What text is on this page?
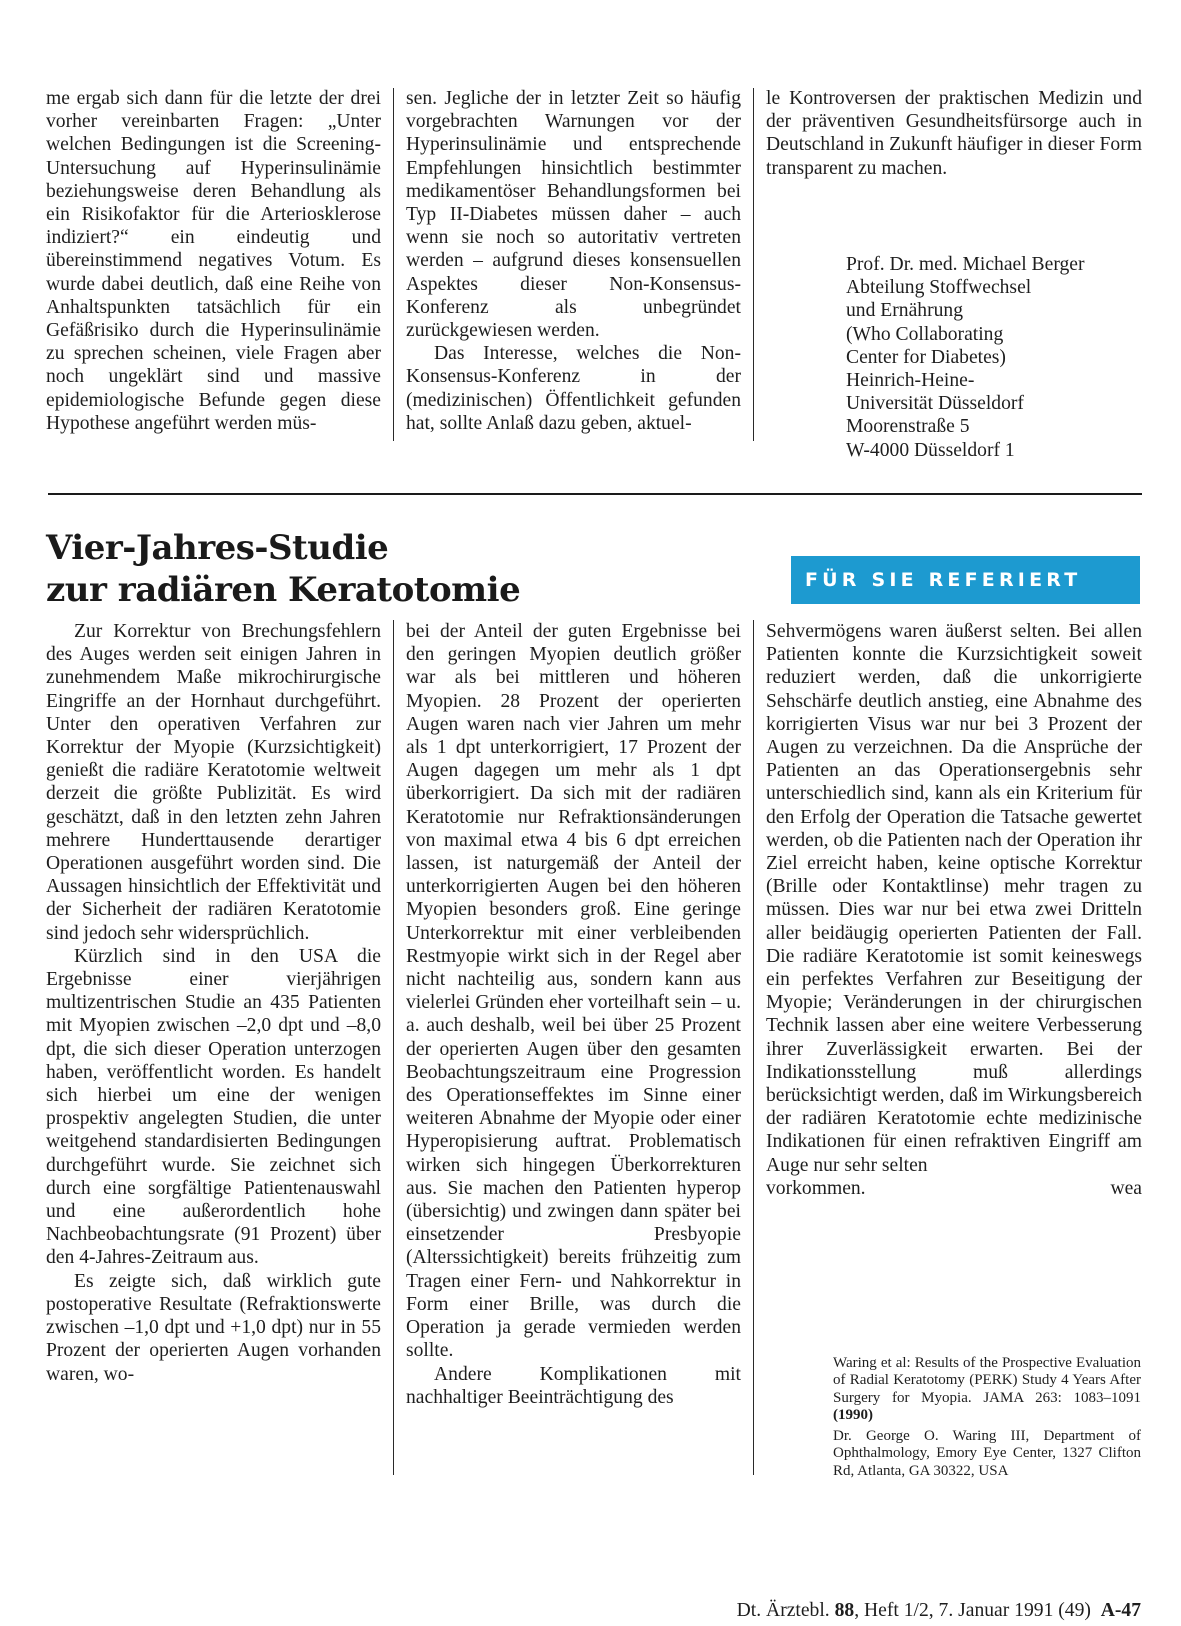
me ergab sich dann für die letzte der drei vorher vereinbarten Fragen: „Unter welchen Bedingungen ist die Screening-Untersuchung auf Hyperinsulinämie beziehungsweise deren Behandlung als ein Risikofaktor für die Arteriosklerose indiziert?“ ein eindeutig und übereinstimmend negatives Votum. Es wurde dabei deutlich, daß eine Reihe von Anhaltspunkten tatsächlich für ein Gefäßrisiko durch die Hyperinsulinämie zu sprechen scheinen, viele Fragen aber noch ungeklärt sind und massive epidemiologische Befunde gegen diese Hypothese angeführt werden müs-

sen. Jegliche der in letzter Zeit so häufig vorgebrachten Warnungen vor der Hyperinsulinämie und entsprechende Empfehlungen hinsichtlich bestimmter medikamentöser Behandlungsformen bei Typ II-Diabetes müssen daher – auch wenn sie noch so autoritativ vertreten werden – aufgrund dieses konsensuellen Aspektes dieser Non-Konsensus-Konferenz als unbegründet zurückgewiesen werden.

Das Interesse, welches die Non-Konsensus-Konferenz in der (medizinischen) Öffentlichkeit gefunden hat, sollte Anlaß dazu geben, aktuel-

le Kontroversen der praktischen Medizin und der präventiven Gesundheitsfürsorge auch in Deutschland in Zukunft häufiger in dieser Form transparent zu machen.

Prof. Dr. med. Michael Berger
Abteilung Stoffwechsel
und Ernährung
(Who Collaborating
Center for Diabetes)
Heinrich-Heine-
Universität Düsseldorf
Moorenstraße 5
W-4000 Düsseldorf 1
Vier-Jahres-Studie
zur radiären Keratotomie	FÜR SIE REFERIERT

Zur Korrektur von Brechungsfehlern des Auges werden seit einigen Jahren in zunehmendem Maße mikrochirurgische Eingriffe an der Hornhaut durchgeführt. Unter den operativen Verfahren zur Korrektur der Myopie (Kurzsichtigkeit) genießt die radiäre Keratotomie weltweit derzeit die größte Publizität. Es wird geschätzt, daß in den letzten zehn Jahren mehrere Hunderttausende derartiger Operationen ausgeführt worden sind. Die Aussagen hinsichtlich der Effektivität und der Sicherheit der radiären Keratotomie sind jedoch sehr widersprüchlich.

Kürzlich sind in den USA die Ergebnisse einer vierjährigen multizentrischen Studie an 435 Patienten mit Myopien zwischen –2,0 dpt und –8,0 dpt, die sich dieser Operation unterzogen haben, veröffentlicht worden. Es handelt sich hierbei um eine der wenigen prospektiv angelegten Studien, die unter weitgehend standardisierten Bedingungen durchgeführt wurde. Sie zeichnet sich durch eine sorgfältige Patientenauswahl und eine außerordentlich hohe Nachbeobachtungsrate (91 Prozent) über den 4-Jahres-Zeitraum aus.

Es zeigte sich, daß wirklich gute postoperative Resultate (Refraktionswerte zwischen –1,0 dpt und +1,0 dpt) nur in 55 Prozent der operierten Augen vorhanden waren, wo-

bei der Anteil der guten Ergebnisse bei den geringen Myopien deutlich größer war als bei mittleren und höheren Myopien. 28 Prozent der operierten Augen waren nach vier Jahren um mehr als 1 dpt unterkorrigiert, 17 Prozent der Augen dagegen um mehr als 1 dpt überkorrigiert. Da sich mit der radiären Keratotomie nur Refraktionsänderungen von maximal etwa 4 bis 6 dpt erreichen lassen, ist naturgemäß der Anteil der unterkorrigierten Augen bei den höheren Myopien besonders groß. Eine geringe Unterkorrektur mit einer verbleibenden Restmyopie wirkt sich in der Regel aber nicht nachteilig aus, sondern kann aus vielerlei Gründen eher vorteilhaft sein – u. a. auch deshalb, weil bei über 25 Prozent der operierten Augen über den gesamten Beobachtungszeitraum eine Progression des Operationseffektes im Sinne einer weiteren Abnahme der Myopie oder einer Hyperopisierung auftrat. Problematisch wirken sich hingegen Überkorrekturen aus. Sie machen den Patienten hyperop (übersichtig) und zwingen dann später bei einsetzender Presbyopie (Alterssichtigkeit) bereits frühzeitig zum Tragen einer Fern- und Nahkorrektur in Form einer Brille, was durch die Operation ja gerade vermieden werden sollte.

Andere Komplikationen mit nachhaltiger Beeinträchtigung des

Sehvermögens waren äußerst selten. Bei allen Patienten konnte die Kurzsichtigkeit soweit reduziert werden, daß die unkorrigierte Sehschärfe deutlich anstieg, eine Abnahme des korrigierten Visus war nur bei 3 Prozent der Augen zu verzeichnen. Da die Ansprüche der Patienten an das Operationsergebnis sehr unterschiedlich sind, kann als ein Kriterium für den Erfolg der Operation die Tatsache gewertet werden, ob die Patienten nach der Operation ihr Ziel erreicht haben, keine optische Korrektur (Brille oder Kontaktlinse) mehr tragen zu müssen. Dies war nur bei etwa zwei Dritteln aller beidäugig operierten Patienten der Fall. Die radiäre Keratotomie ist somit keineswegs ein perfektes Verfahren zur Beseitigung der Myopie; Veränderungen in der chirurgischen Technik lassen aber eine weitere Verbesserung ihrer Zuverlässigkeit erwarten. Bei der Indikationsstellung muß allerdings berücksichtigt werden, daß im Wirkungsbereich der radiären Keratotomie echte medizinische Indikationen für einen refraktiven Eingriff am Auge nur sehr selten

vorkommen.	wea
Waring et al: Results of the Prospective Evaluation of Radial Keratotomy (PERK) Study 4 Years After Surgery for Myopia. JAMA 263: 1083–1091 (1990)
Dr. George O. Waring III, Department of Ophthalmology, Emory Eye Center, 1327 Clifton Rd, Atlanta, GA 30322, USA
Dt. Ärztebl. 88, Heft 1/2, 7. Januar 1991 (49) A-47
